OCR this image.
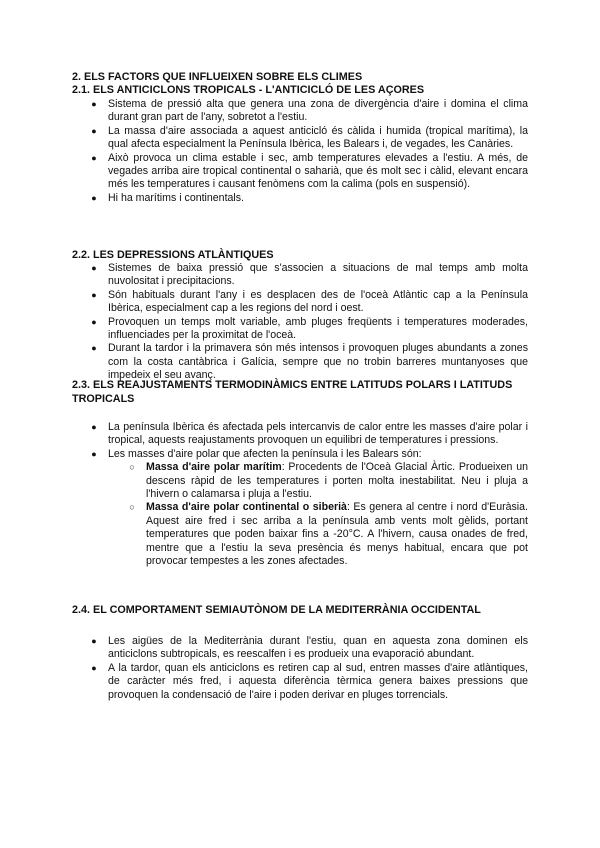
2. ELS FACTORS QUE INFLUEIXEN SOBRE ELS CLIMES
2.1. ELS ANTICICLONS TROPICALS - L'ANTICICLÓ DE LES AÇORES
●	Sistema de pressió alta que genera una zona de divergència d'aire i domina el clima durant gran part de l'any, sobretot a l'estiu.
●	La massa d'aire associada a aquest anticicló és càlida i humida (tropical marítima), la qual afecta especialment la Península Ibèrica, les Balears i, de vegades, les Canàries.
●	Això provoca un clima estable i sec, amb temperatures elevades a l'estiu. A més, de vegades arriba aire tropical continental o saharià, que és molt sec i càlid, elevant encara més les temperatures i causant fenòmens com la calima (pols en suspensió).
●	Hi ha marítims i continentals.
2.2. LES DEPRESSIONS ATLÀNTIQUES
●	Sistemes de baixa pressió que s'associen a situacions de mal temps amb molta nuvolositat i precipitacions.
●	Són habituals durant l'any i es desplacen des de l'oceà Atlàntic cap a la Península Ibèrica, especialment cap a les regions del nord i oest.
●	Provoquen un temps molt variable, amb pluges freqüents i temperatures moderades, influenciades per la proximitat de l'oceà.
●	Durant la tardor i la primavera són més intensos i provoquen pluges abundants a zones com la costa cantàbrica i Galícia, sempre que no trobin barreres muntanyoses que impedeix el seu avanç.
2.3. ELS REAJUSTAMENTS TERMODINÀMICS ENTRE LATITUDS POLARS I LATITUDS TROPICALS
●	La península Ibèrica és afectada pels intercanvis de calor entre les masses d'aire polar i tropical, aquests reajustaments provoquen un equilibri de temperatures i pressions.
●	Les masses d'aire polar que afecten la península i les Balears són:
○	Massa d'aire polar marítim: Procedents de l'Oceà Glacial Àrtic. Produeixen un descens ràpid de les temperatures i porten molta inestabilitat. Neu i pluja a l'hivern o calamarsa i pluja a l'estiu.
○	Massa d'aire polar continental o siberià: Es genera al centre i nord d'Euràsia. Aquest aire fred i sec arriba a la península amb vents molt gèlids, portant temperatures que poden baixar fins a -20°C. A l'hivern, causa onades de fred, mentre que a l'estiu la seva presència és menys habitual, encara que pot provocar tempestes a les zones afectades.
2.4. EL COMPORTAMENT SEMIAUTÒNOM DE LA MEDITERRÀNIA OCCIDENTAL
●	Les aigües de la Mediterrània durant l'estiu, quan en aquesta zona dominen els anticiclons subtropicals, es reescalfen i es produeix una evaporació abundant.
●	A la tardor, quan els anticiclons es retiren cap al sud, entren masses d'aire atlàntiques, de caràcter més fred, i aquesta diferència tèrmica genera baixes pressions que provoquen la condensació de l'aire i poden derivar en pluges torrencials.
